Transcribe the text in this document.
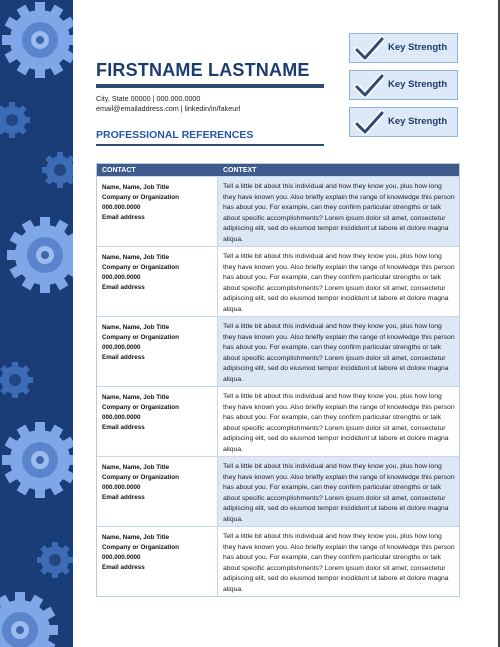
FIRSTNAME LASTNAME
City, State 00000 | 000.000.0000
email@emailaddress.com | linkedin/in/fakeurl
Key Strength
Key Strength
Key Strength
PROFESSIONAL REFERENCES
CONTACT	CONTEXT
Name, Name, Job Title
Company or Organization
000.000.0000
Email address
Tell a little bit about this individual and how they know you, plus how long they have known you. Also briefly explain the range of knowledge this person has about you. For example, can they confirm particular strengths or talk about specific accomplishments? Lorem ipsum dolor sit amet, consectetur adipiscing elit, sed do eiusmod tempor incididunt ut labore et dolore magna aliqua.
Name, Name, Job Title
Company or Organization
000.000.0000
Email address
Tell a little bit about this individual and how they know you, plus how long they have known you. Also briefly explain the range of knowledge this person has about you. For example, can they confirm particular strengths or talk about specific accomplishments? Lorem ipsum dolor sit amet, consectetur adipiscing elit, sed do eiusmod tempor incididunt ut labore et dolore magna aliqua.
Name, Name, Job Title
Company or Organization
000.000.0000
Email address
Tell a little bit about this individual and how they know you, plus how long they have known you. Also briefly explain the range of knowledge this person has about you. For example, can they confirm particular strengths or talk about specific accomplishments? Lorem ipsum dolor sit amet, consectetur adipiscing elit, sed do eiusmod tempor incididunt ut labore et dolore magna aliqua.
Name, Name, Job Title
Company or Organization
000.000.0000
Email address
Tell a little bit about this individual and how they know you, plus how long they have known you. Also briefly explain the range of knowledge this person has about you. For example, can they confirm particular strengths or talk about specific accomplishments? Lorem ipsum dolor sit amet, consectetur adipiscing elit, sed do eiusmod tempor incididunt ut labore et dolore magna aliqua.
Name, Name, Job Title
Company or Organization
000.000.0000
Email address
Tell a little bit about this individual and how they know you, plus how long they have known you. Also briefly explain the range of knowledge this person has about you. For example, can they confirm particular strengths or talk about specific accomplishments? Lorem ipsum dolor sit amet, consectetur adipiscing elit, sed do eiusmod tempor incididunt ut labore et dolore magna aliqua.
Name, Name, Job Title
Company or Organization
000.000.0000
Email address
Tell a little bit about this individual and how they know you, plus how long they have known you. Also briefly explain the range of knowledge this person has about you. For example, can they confirm particular strengths or talk about specific accomplishments? Lorem ipsum dolor sit amet, consectetur adipiscing elit, sed do eiusmod tempor incididunt ut labore et dolore magna aliqua.
